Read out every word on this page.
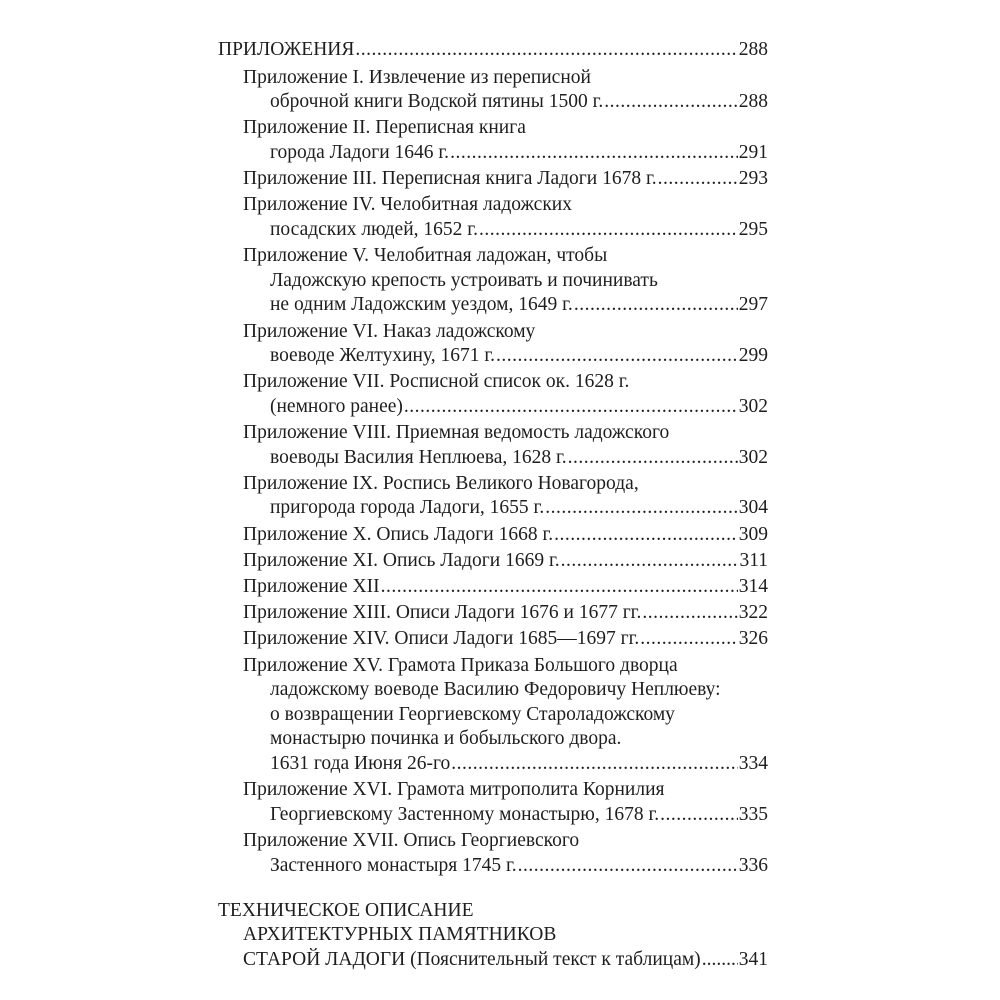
ПРИЛОЖЕНИЯ .....	288
Приложение I. Извлечение из переписной
оброчной книги Водской пятины 1500 г. .....	288
Приложение II. Переписная книга
города Ладоги 1646 г. .....	291
Приложение III. Переписная книга Ладоги 1678 г. .....	293
Приложение IV. Челобитная ладожских
посадских людей, 1652 г. .....	295
Приложение V. Челобитная ладожан, чтобы
Ладожскую крепость устроивать и починивать
не одним Ладожским уездом, 1649 г. .....	297
Приложение VI. Наказ ладожскому
воеводе Желтухину, 1671 г. .....	299
Приложение VII. Росписной список ок. 1628 г.
(немного ранее) .....	302
Приложение VIII. Приемная ведомость ладожского
воеводы Василия Неплюева, 1628 г. .....	302
Приложение IX. Роспись Великого Новагорода,
пригорода города Ладоги, 1655 г. .....	304
Приложение X. Опись Ладоги 1668 г. .....	309
Приложение XI. Опись Ладоги 1669 г. .....	311
Приложение XII .....	314
Приложение XIII. Описи Ладоги 1676 и 1677 гг. .....	322
Приложение XIV. Описи Ладоги 1685—1697 гг. .....	326
Приложение XV. Грамота Приказа Большого дворца
ладожскому воеводе Василию Федоровичу Неплюеву:
о возвращении Георгиевскому Староладожскому
монастырю починка и бобыльского двора.
1631 года Июня 26-го .....	334
Приложение XVI. Грамота митрополита Корнилия
Георгиевскому Застенному монастырю, 1678 г. .....	335
Приложение XVII. Опись Георгиевского
Застенного монастыря 1745 г. .....	336
ТЕХНИЧЕСКОЕ ОПИСАНИЕ
АРХИТЕКТУРНЫХ ПАМЯТНИКОВ
СТАРОЙ ЛАДОГИ (Пояснительный текст к таблицам) ..... 341
